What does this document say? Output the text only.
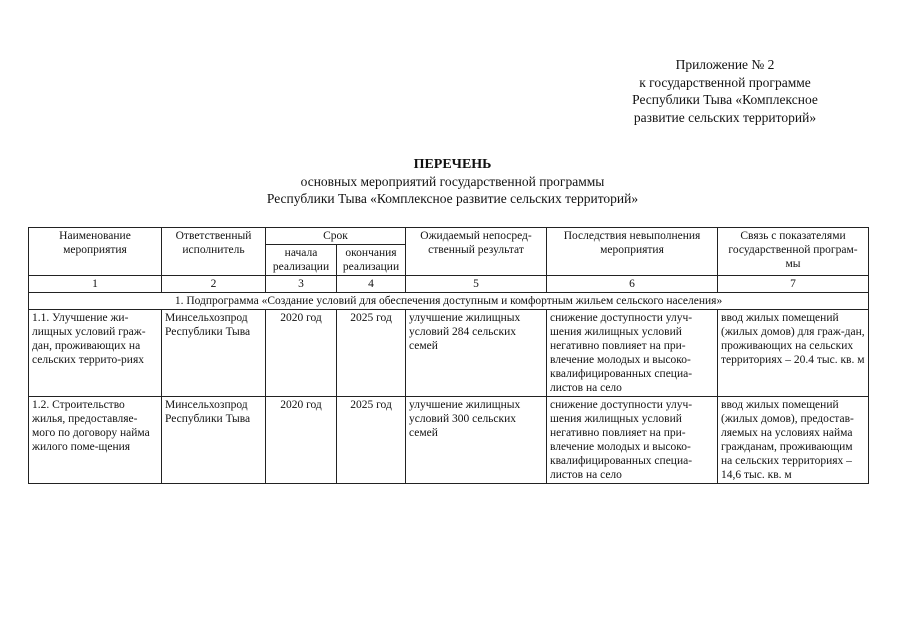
Приложение № 2
к государственной программе
Республики Тыва «Комплексное
развитие сельских территорий»
ПЕРЕЧЕНЬ
основных мероприятий государственной программы
Республики Тыва «Комплексное развитие сельских территорий»
Наименование мероприятия	Ответственный исполнитель	Срок		Ожидаемый непосред-ственный результат	Последствия невыполнения мероприятия	Связь с показателями государственной програм-мы
		начала реализации	окончания реализации			
1	2	3	4	5	6	7
1. Подпрограмма «Создание условий для обеспечения доступным и комфортным жильем сельского населения»						
1.1. Улучшение жи-лищных условий граж-дан, проживающих на сельских террито-риях	Минсельхозпрод Республики Тыва	2020 год	2025 год	улучшение жилищных условий 284 сельских семей	снижение доступности улуч-шения жилищных условий негативно повлияет на при-влечение молодых и высоко-квалифицированных специа-листов на село	ввод жилых помещений (жилых домов) для граж-дан, проживающих на сельских территориях – 20.4 тыс. кв. м
1.2. Строительство жилья, предоставляе-мого по договору найма жилого поме-щения	Минсельхозпрод Республики Тыва	2020 год	2025 год	улучшение жилищных условий 300 сельских семей	снижение доступности улуч-шения жилищных условий негативно повлияет на при-влечение молодых и высоко-квалифицированных специа-листов на село	ввод жилых помещений (жилых домов), предостав-ляемых на условиях найма гражданам, проживающим на сельских территориях – 14,6 тыс. кв. м
